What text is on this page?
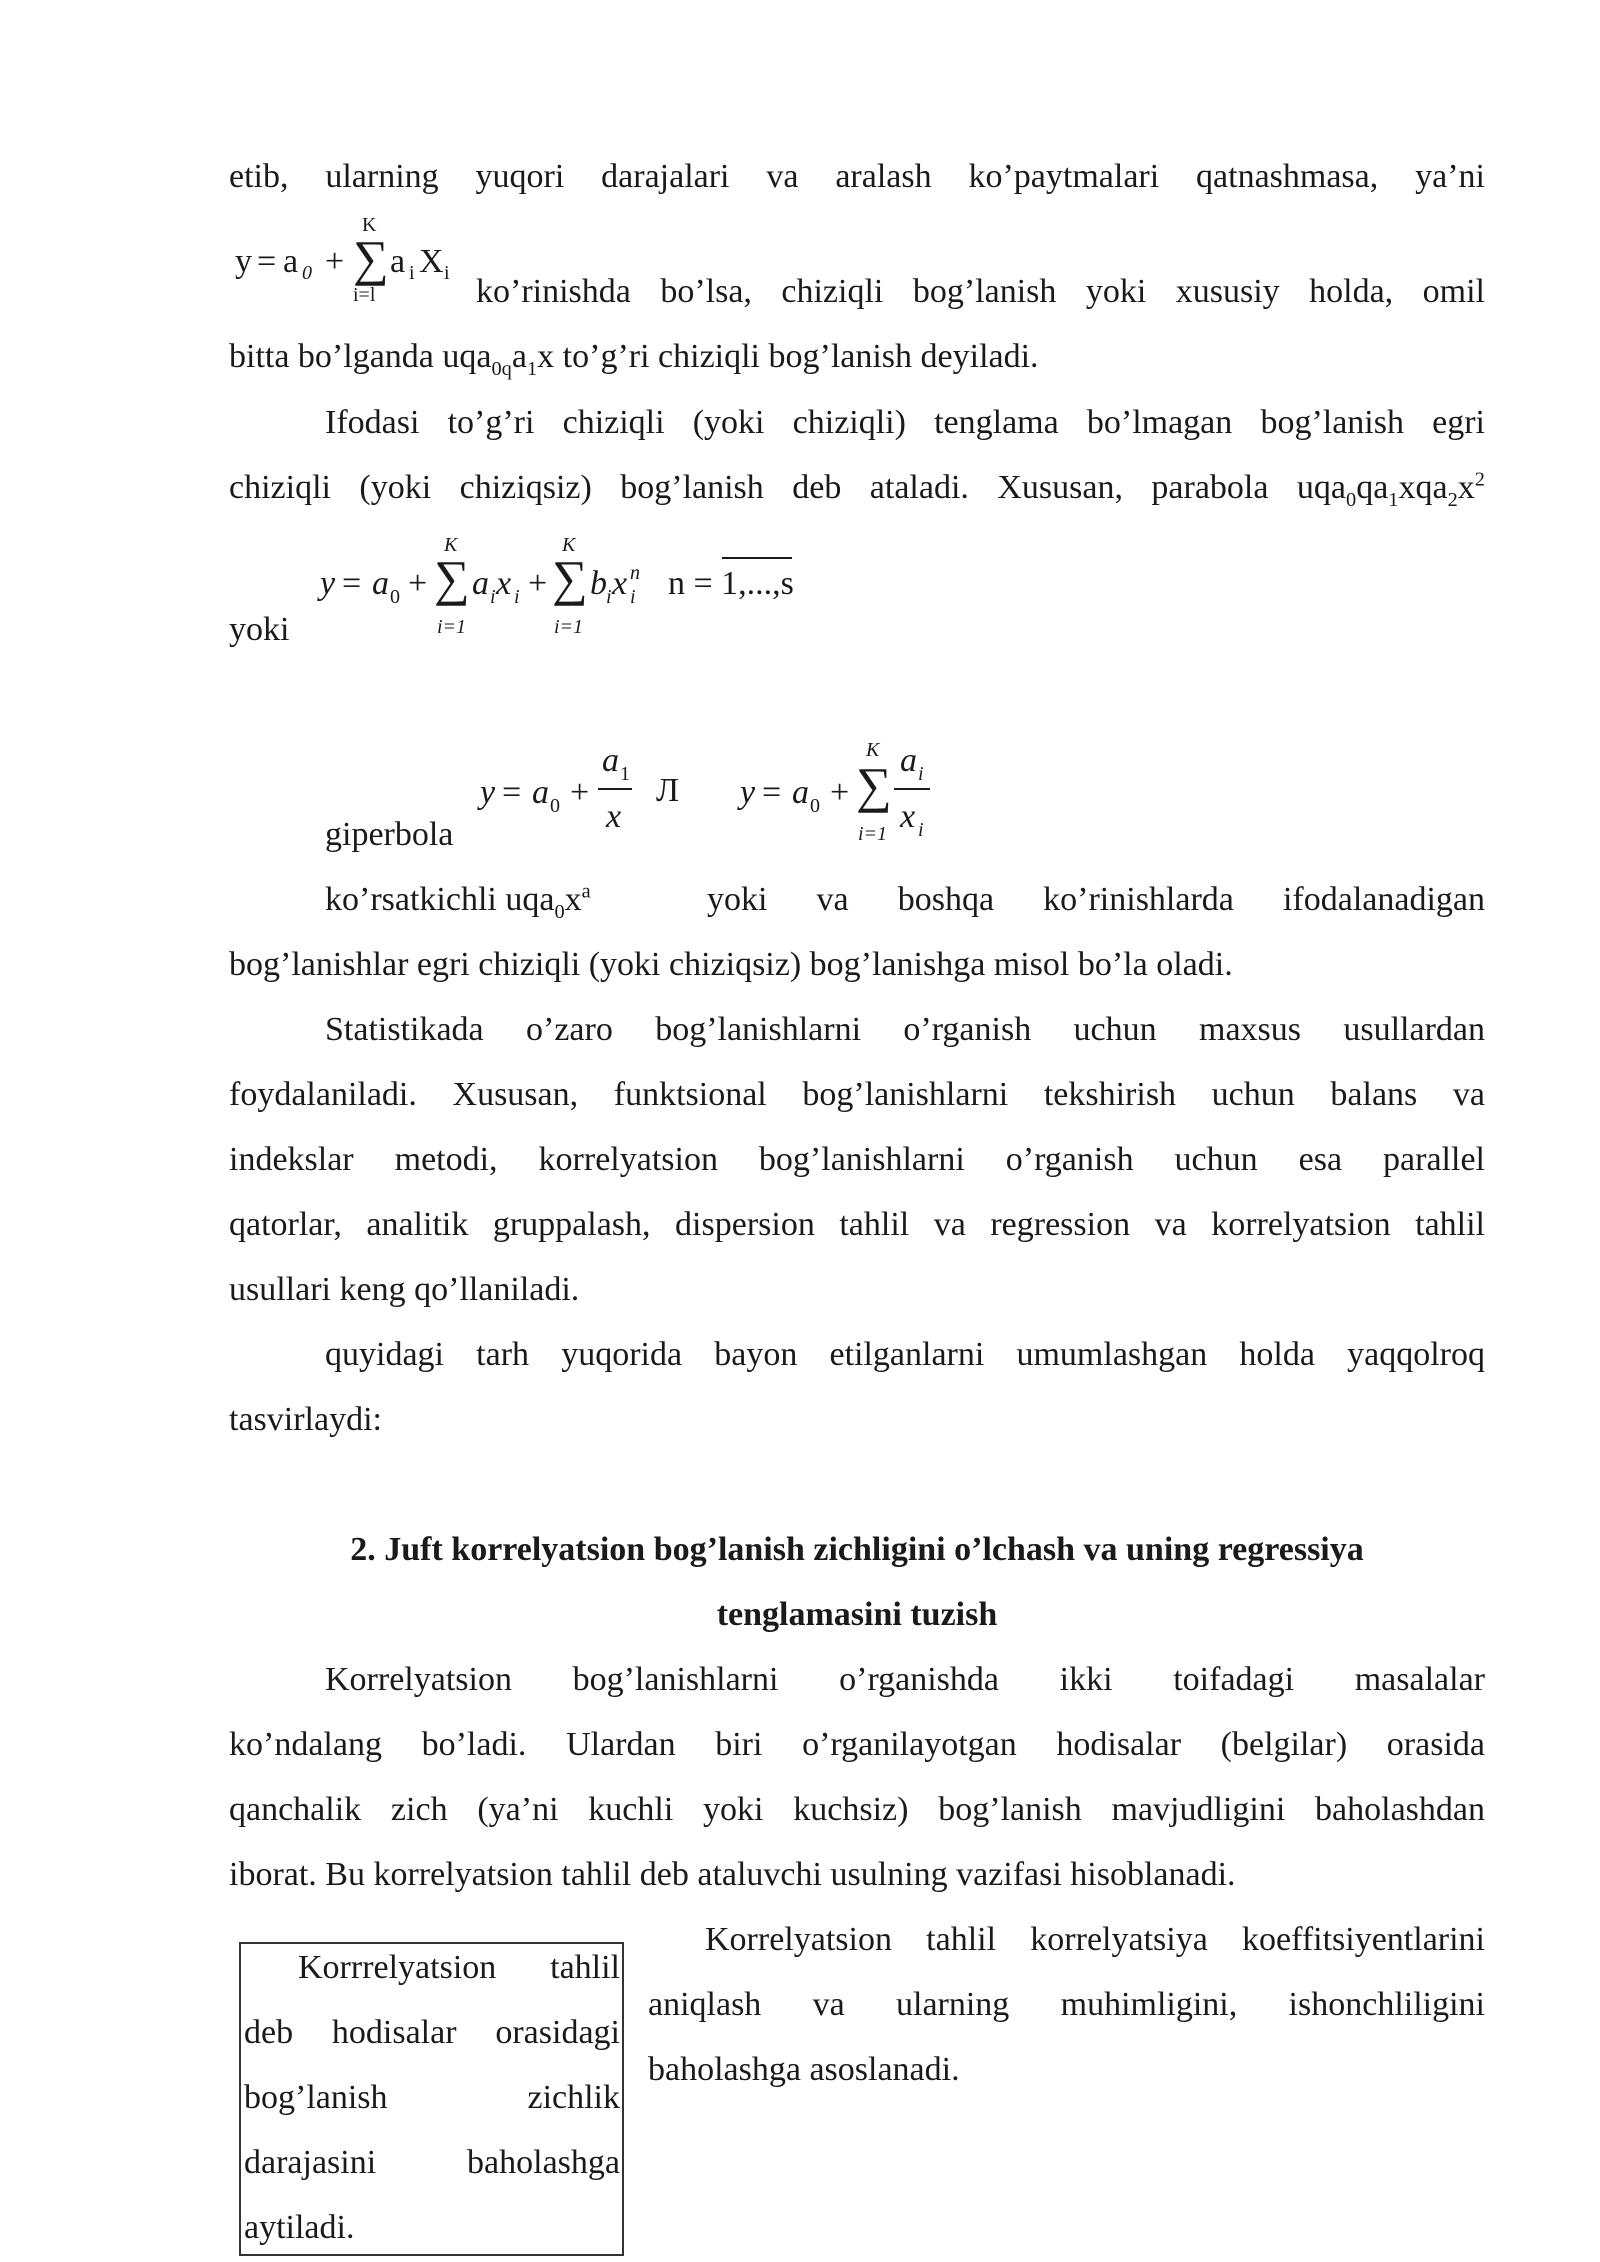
etib, ularning yuqori darajalari va aralash ko’paytmalari qatnashmasa, ya’ni
y = a 0 +
K
∑
i=l
a i X i ko’rinishda bo’lsa, chiziqli bog’lanish yoki xususiy holda, omil
bitta bo’lganda $uqa_{0q}a_1x$ to’g’ri chiziqli bog’lanish deyiladi.
Ifodasi to’g’ri chiziqli (yoki chiziqli) tenglama bo’lmagan bog’lanish egri
chiziqli (yoki chiziqsiz) bog’lanish deb ataladi. Xususan, parabola $uqa_0qa_1xqa_2x^2$
y = a 0 +
K
∑
i=1
a i x i +
K
∑
i=1
b i x n
i n = 1,...,s
yoki
y = a 0 +
a 1
x
Л y = a 0 +
K
∑
i=1
a i
x i
giperbola
ko’rsatkichli $uqa_0x^a$	yoki va boshqa ko’rinishlarda ifodalanadigan
bog’lanishlar egri chiziqli (yoki chiziqsiz) bog’lanishga misol bo’la oladi.
Statistikada o’zaro bog’lanishlarni o’rganish uchun maxsus usullardan
foydalaniladi. Xususan, funktsional bog’lanishlarni tekshirish uchun balans va
indekslar metodi, korrelyatsion bog’lanishlarni o’rganish uchun esa parallel
qatorlar, analitik gruppalash, dispersion tahlil va regression va korrelyatsion tahlil
usullari keng qo’llaniladi.
quyidagi tarh yuqorida bayon etilganlarni umumlashgan holda yaqqolroq
tasvirlaydi:
2. Juft korrelyatsion bog’lanish zichligini o’lchash va uning regressiya
tenglamasini tuzish
Korrelyatsion bog’lanishlarni o’rganishda ikki toifadagi masalalar
ko’ndalang bo’ladi. Ulardan biri o’rganilayotgan hodisalar (belgilar) orasida
qanchalik zich (ya’ni kuchli yoki kuchsiz) bog’lanish mavjudligini baholashdan
iborat. Bu korrelyatsion tahlil deb ataluvchi usulning vazifasi hisoblanadi.
Korrrelyatsion tahlil
deb hodisalar orasidagi
bog’lanish zichlik
darajasini baholashga
aytiladi.
Korrelyatsion tahlil korrelyatsiya koeffitsiyentlarini
aniqlash va ularning muhimligini, ishonchliligini
baholashga asoslanadi.
